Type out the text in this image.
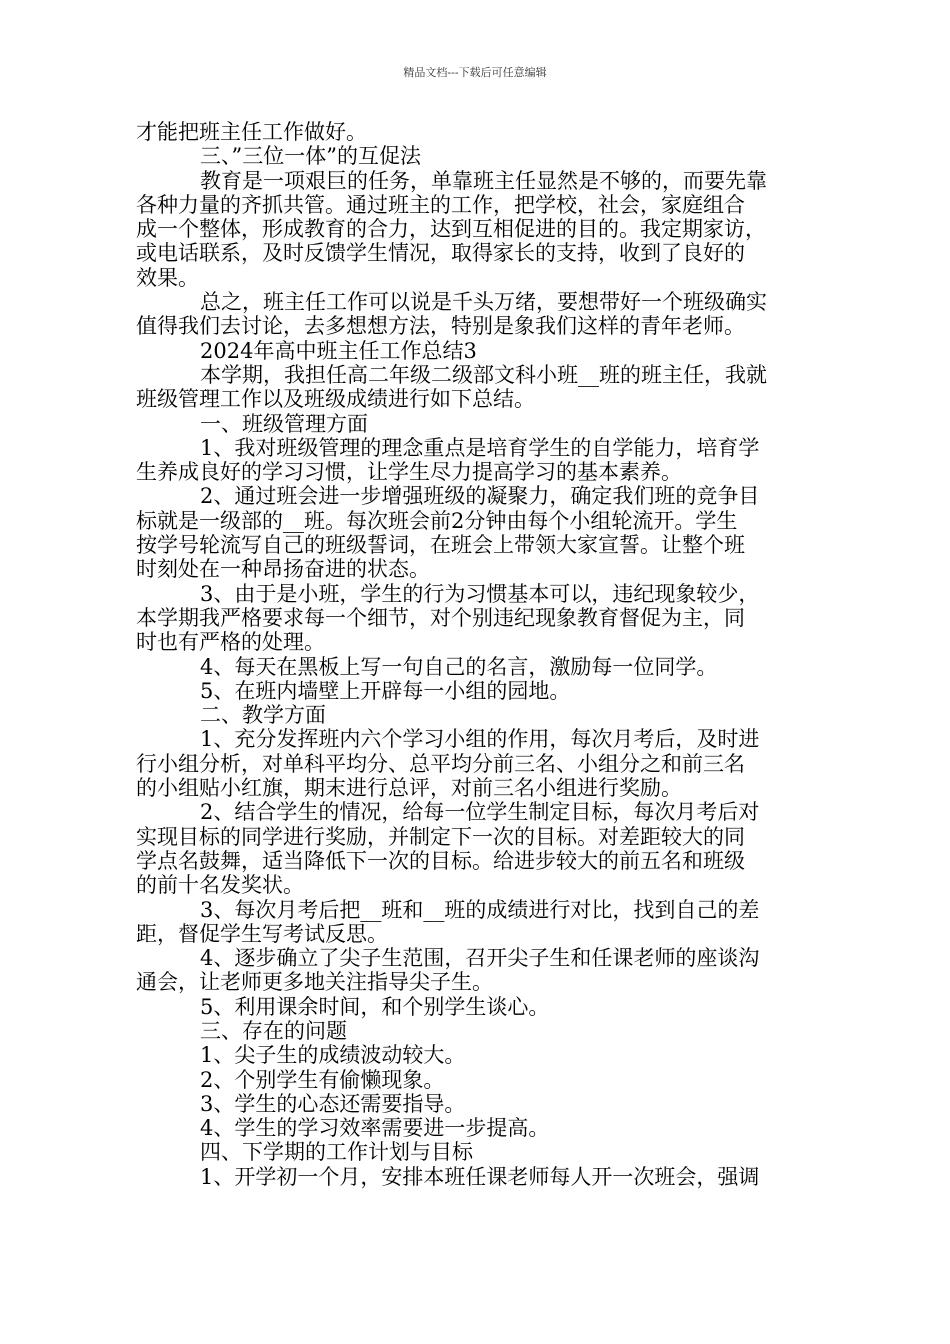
精品文档---下载后可任意编辑

才能把班主任工作做好。

三、”三位一体”的互促法

教育是一项艰巨的任务，单靠班主任显然是不够的，而要先靠

各种力量的齐抓共管。通过班主的工作，把学校，社会，家庭组合

成一个整体，形成教育的合力，达到互相促进的目的。我定期家访，

或电话联系，及时反馈学生情况，取得家长的支持，收到了良好的

效果。

总之，班主任工作可以说是千头万绪，要想带好一个班级确实

值得我们去讨论，去多想想方法，特别是象我们这样的青年老师。

2024年高中班主任工作总结3

本学期，我担任高二年级二级部文科小班__班的班主任，我就

班级管理工作以及班级成绩进行如下总结。

一、班级管理方面

1、我对班级管理的理念重点是培育学生的自学能力，培育学

生养成良好的学习习惯，让学生尽力提高学习的基本素养。

2、通过班会进一步增强班级的凝聚力，确定我们班的竞争目

标就是一级部的__班。每次班会前2分钟由每个小组轮流开。学生

按学号轮流写自己的班级誓词，在班会上带领大家宣誓。让整个班

时刻处在一种昂扬奋进的状态。

3、由于是小班，学生的行为习惯基本可以，违纪现象较少，

本学期我严格要求每一个细节，对个别违纪现象教育督促为主，同

时也有严格的处理。

4、每天在黑板上写一句自己的名言，激励每一位同学。

5、在班内墙壁上开辟每一小组的园地。

二、教学方面

1、充分发挥班内六个学习小组的作用，每次月考后，及时进

行小组分析，对单科平均分、总平均分前三名、小组分之和前三名

的小组贴小红旗，期末进行总评，对前三名小组进行奖励。

2、结合学生的情况，给每一位学生制定目标，每次月考后对

实现目标的同学进行奖励，并制定下一次的目标。对差距较大的同

学点名鼓舞，适当降低下一次的目标。给进步较大的前五名和班级

的前十名发奖状。

3、每次月考后把__班和__班的成绩进行对比，找到自己的差

距，督促学生写考试反思。

4、逐步确立了尖子生范围，召开尖子生和任课老师的座谈沟

通会，让老师更多地关注指导尖子生。

5、利用课余时间，和个别学生谈心。

三、存在的问题

1、尖子生的成绩波动较大。

2、个别学生有偷懒现象。

3、学生的心态还需要指导。

4、学生的学习效率需要进一步提高。

四、下学期的工作计划与目标

1、开学初一个月，安排本班任课老师每人开一次班会，强调
